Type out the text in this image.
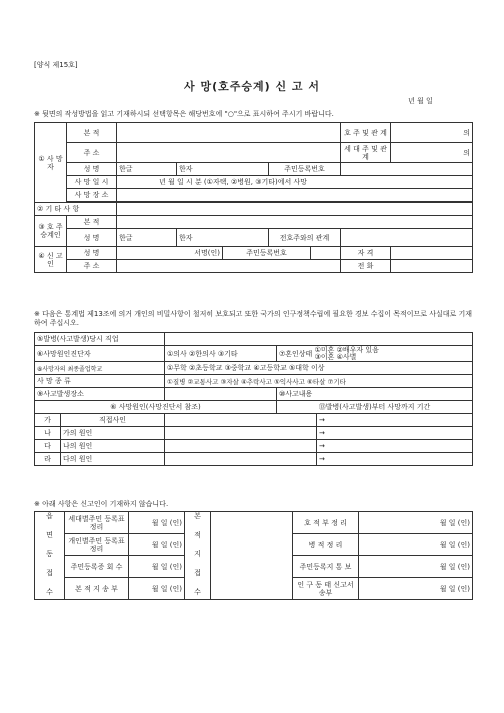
[양식 제15호]
사 망(호주승계) 신 고 서
년 월 일
※ 뒷면의 작성방법을 읽고 기재하시되 선택항목은 해당번호에 "○"으로 표시하여 주시기 바랍니다.
① 사 망 자	본 적						호 주 및 관 계	의
	주 소						세 대 주 및 관 계	의
	성 명	한글	한자		주민등록번호			
	사 망 일 시	년 월 일 시 분 (①자택, ②병원, ③기타)에서 사망						
	사 망 장 소							

② 기 타 사 항								
③ 호 주 승계인	본 적							
	성 명	한글	한자		전호주와의 관계			
④ 신 고 인	성 명	서명(인)		주민등록번호			자 격	
	주 소						전 화	
※ 다음은 통계법 제13조에 의거 개인의 비밀사항이 철저히 보호되고 또한 국가의 인구정책수립에 필요한 경보 수집이 목적이므로 사실대로 기재하여 주십시오.
⑤발병(사고발생)당시 직업				
⑥사망원인진단자		①의사 ②한의사 ③기타	⑦혼인상태 ①미혼 ②배우자 있음
③이혼 ④사별	
⑧사망자의 최종졸업학교		①무학 ②초등학교 ③중학교 ④고등학교 ⑤대학 이상		
사 망 종 류		①질병 ②교통사고 ③자살 ④추락사고 ⑤익사사고 ⑥타살 ⑦기타		
⑨사고발생장소			⑩사고내용	
⑥ 사망원인(사망진단서 참조)			⑬발병(사고발생)부터 사망까지 기간	
가	직접사인			→
나	가의 원인			→
다	나의 원인			→
라	다의 원인			→
※ 아래 사항은 신고인이 기재하지 않습니다.
읍 면 동 접 수	세대별주민 등록표정리	월 일 (인)	본 적 지 접 수		호 적 부 정 리	월 일 (인)
	개인별주민 등록표정리	월 일 (인)			병 적 정 리	월 일 (인)
	주민등록증 회 수	월 일 (인)			주민등록지 통 보	월 일 (인)
	본 적 지 송 부	월 일 (인)			인 구 동 태 신고서송부	월 일 (인)
